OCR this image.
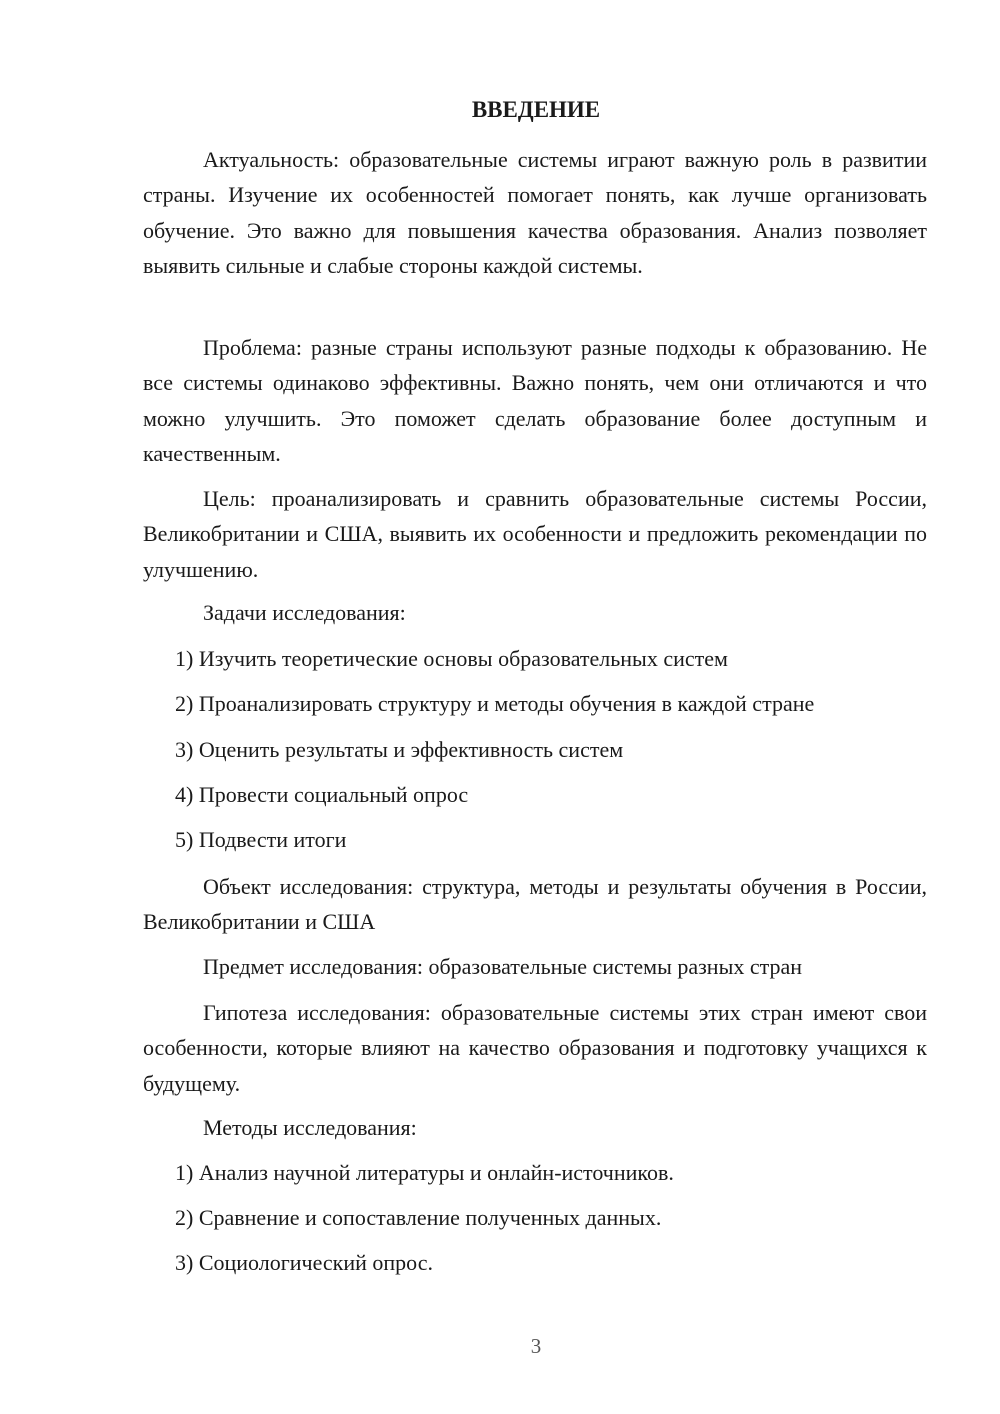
ВВЕДЕНИЕ

Актуальность: образовательные системы играют важную роль в развитии страны. Изучение их особенностей помогает понять, как лучше организовать обучение. Это важно для повышения качества образования. Анализ позволяет выявить сильные и слабые стороны каждой системы.

Проблема: разные страны используют разные подходы к образованию. Не все системы одинаково эффективны. Важно понять, чем они отличаются и что можно улучшить. Это поможет сделать образование более доступным и качественным.

Цель: проанализировать и сравнить образовательные системы России, Великобритании и США, выявить их особенности и предложить рекомендации по улучшению.

Задачи исследования:

1) Изучить теоретические основы образовательных систем

2) Проанализировать структуру и методы обучения в каждой стране

3) Оценить результаты и эффективность систем

4) Провести социальный опрос

5) Подвести итоги

Объект исследования: структура, методы и результаты обучения в России, Великобритании и США

Предмет исследования: образовательные системы разных стран

Гипотеза исследования: образовательные системы этих стран имеют свои особенности, которые влияют на качество образования и подготовку учащихся к будущему.

Методы исследования:

1) Анализ научной литературы и онлайн-источников.

2) Сравнение и сопоставление полученных данных.

3) Социологический опрос.

3
